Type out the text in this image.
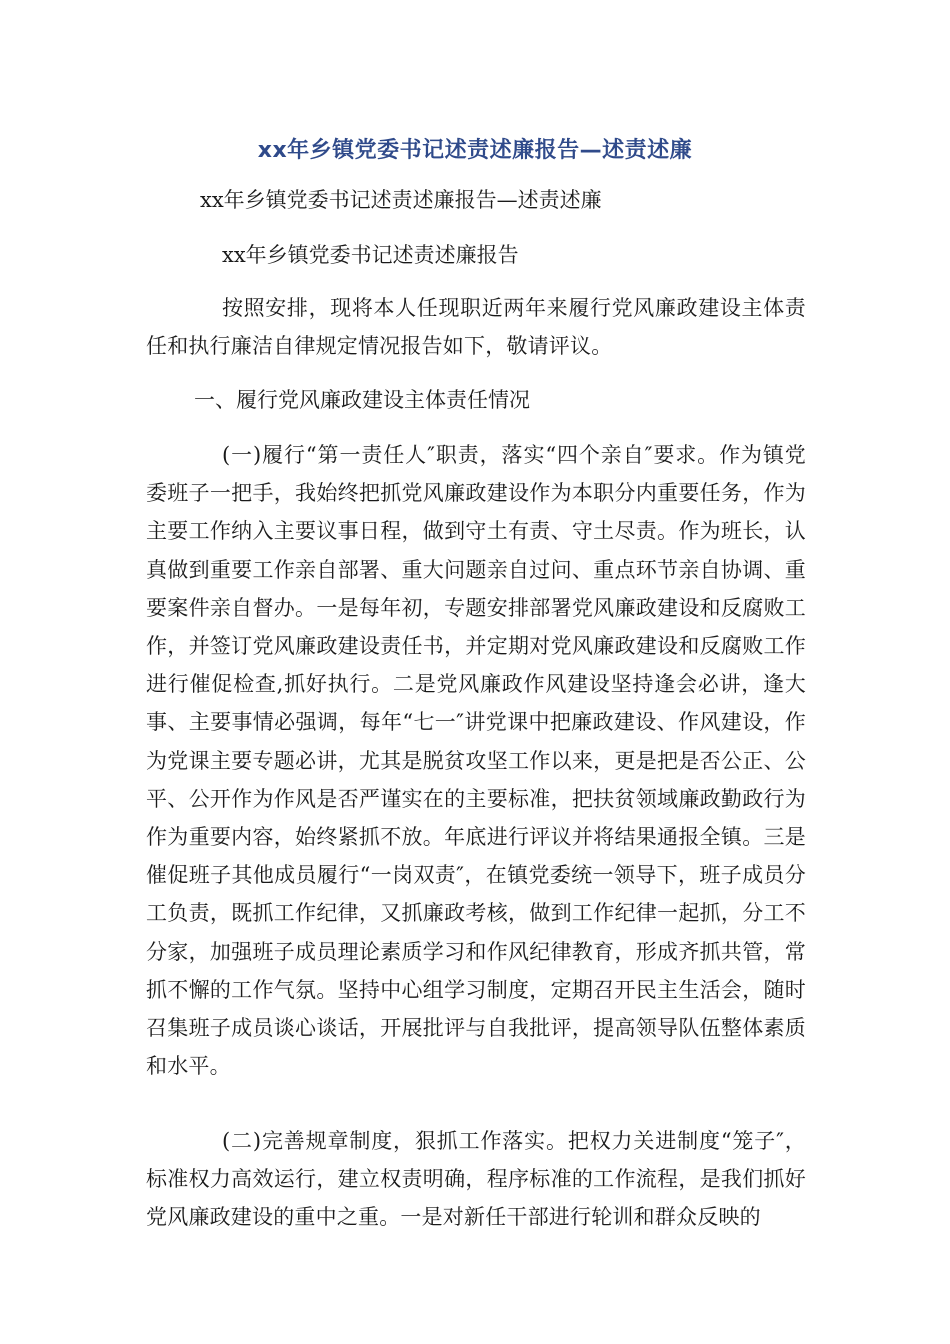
xx年乡镇党委书记述责述廉报告—述责述廉

xx年乡镇党委书记述责述廉报告—述责述廉

xx年乡镇党委书记述责述廉报告

按照安排，现将本人任现职近两年来履行党风廉政建设主体责任和执行廉洁自律规定情况报告如下，敬请评议。

一、履行党风廉政建设主体责任情况

(一)履行“第一责任人″职责，落实“四个亲自″要求。作为镇党委班子一把手，我始终把抓党风廉政建设作为本职分内重要任务，作为主要工作纳入主要议事日程，做到守土有责、守土尽责。作为班长，认真做到重要工作亲自部署、重大问题亲自过问、重点环节亲自协调、重要案件亲自督办。一是每年初，专题安排部署党风廉政建设和反腐败工作，并签订党风廉政建设责任书，并定期对党风廉政建设和反腐败工作进行催促检查,抓好执行。二是党风廉政作风建设坚持逢会必讲，逢大事、主要事情必强调，每年“七一″讲党课中把廉政建设、作风建设，作为党课主要专题必讲，尤其是脱贫攻坚工作以来，更是把是否公正、公平、公开作为作风是否严谨实在的主要标准，把扶贫领域廉政勤政行为作为重要内容，始终紧抓不放。年底进行评议并将结果通报全镇。三是催促班子其他成员履行“一岗双责″，在镇党委统一领导下，班子成员分工负责，既抓工作纪律，又抓廉政考核，做到工作纪律一起抓，分工不分家，加强班子成员理论素质学习和作风纪律教育，形成齐抓共管，常抓不懈的工作气氛。坚持中心组学习制度，定期召开民主生活会，随时召集班子成员谈心谈话，开展批评与自我批评，提高领导队伍整体素质和水平。

(二)完善规章制度，狠抓工作落实。把权力关进制度“笼子″，标准权力高效运行，建立权责明确，程序标准的工作流程，是我们抓好党风廉政建设的重中之重。一是对新任干部进行轮训和群众反映的
